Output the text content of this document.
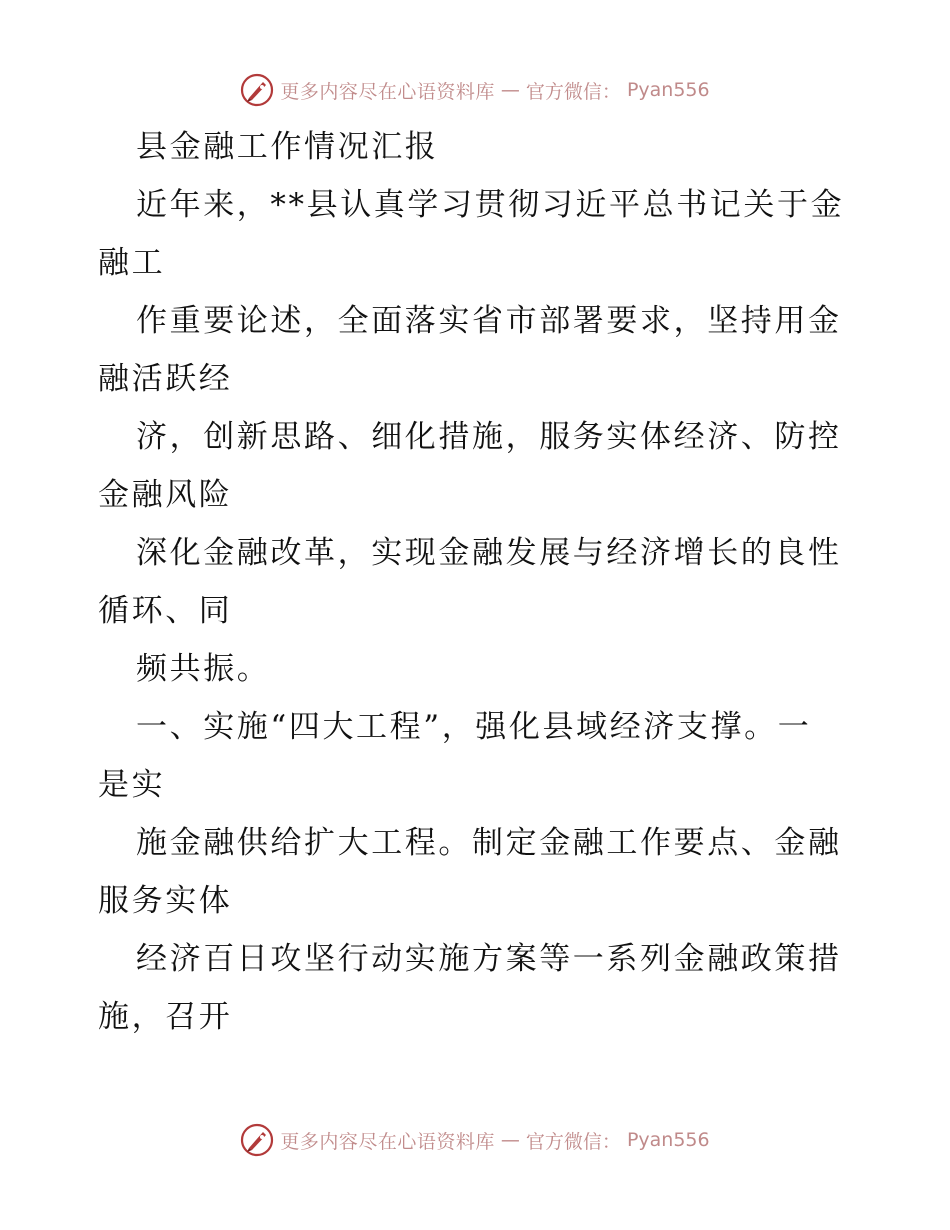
更多内容尽在心语资料库 — 官方微信： Pyan556
县金融工作情况汇报
近年来，**县认真学习贯彻习近平总书记关于金
融工
作重要论述，全面落实省市部署要求，坚持用金
融活跃经
济，创新思路、细化措施，服务实体经济、防控
金融风险
深化金融改革，实现金融发展与经济增长的良性
循环、同
频共振。
一、实施“四大工程”，强化县域经济支撑。一
是实
施金融供给扩大工程。制定金融工作要点、金融
服务实体
经济百日攻坚行动实施方案等一系列金融政策措
施，召开
更多内容尽在心语资料库 — 官方微信： Pyan556
